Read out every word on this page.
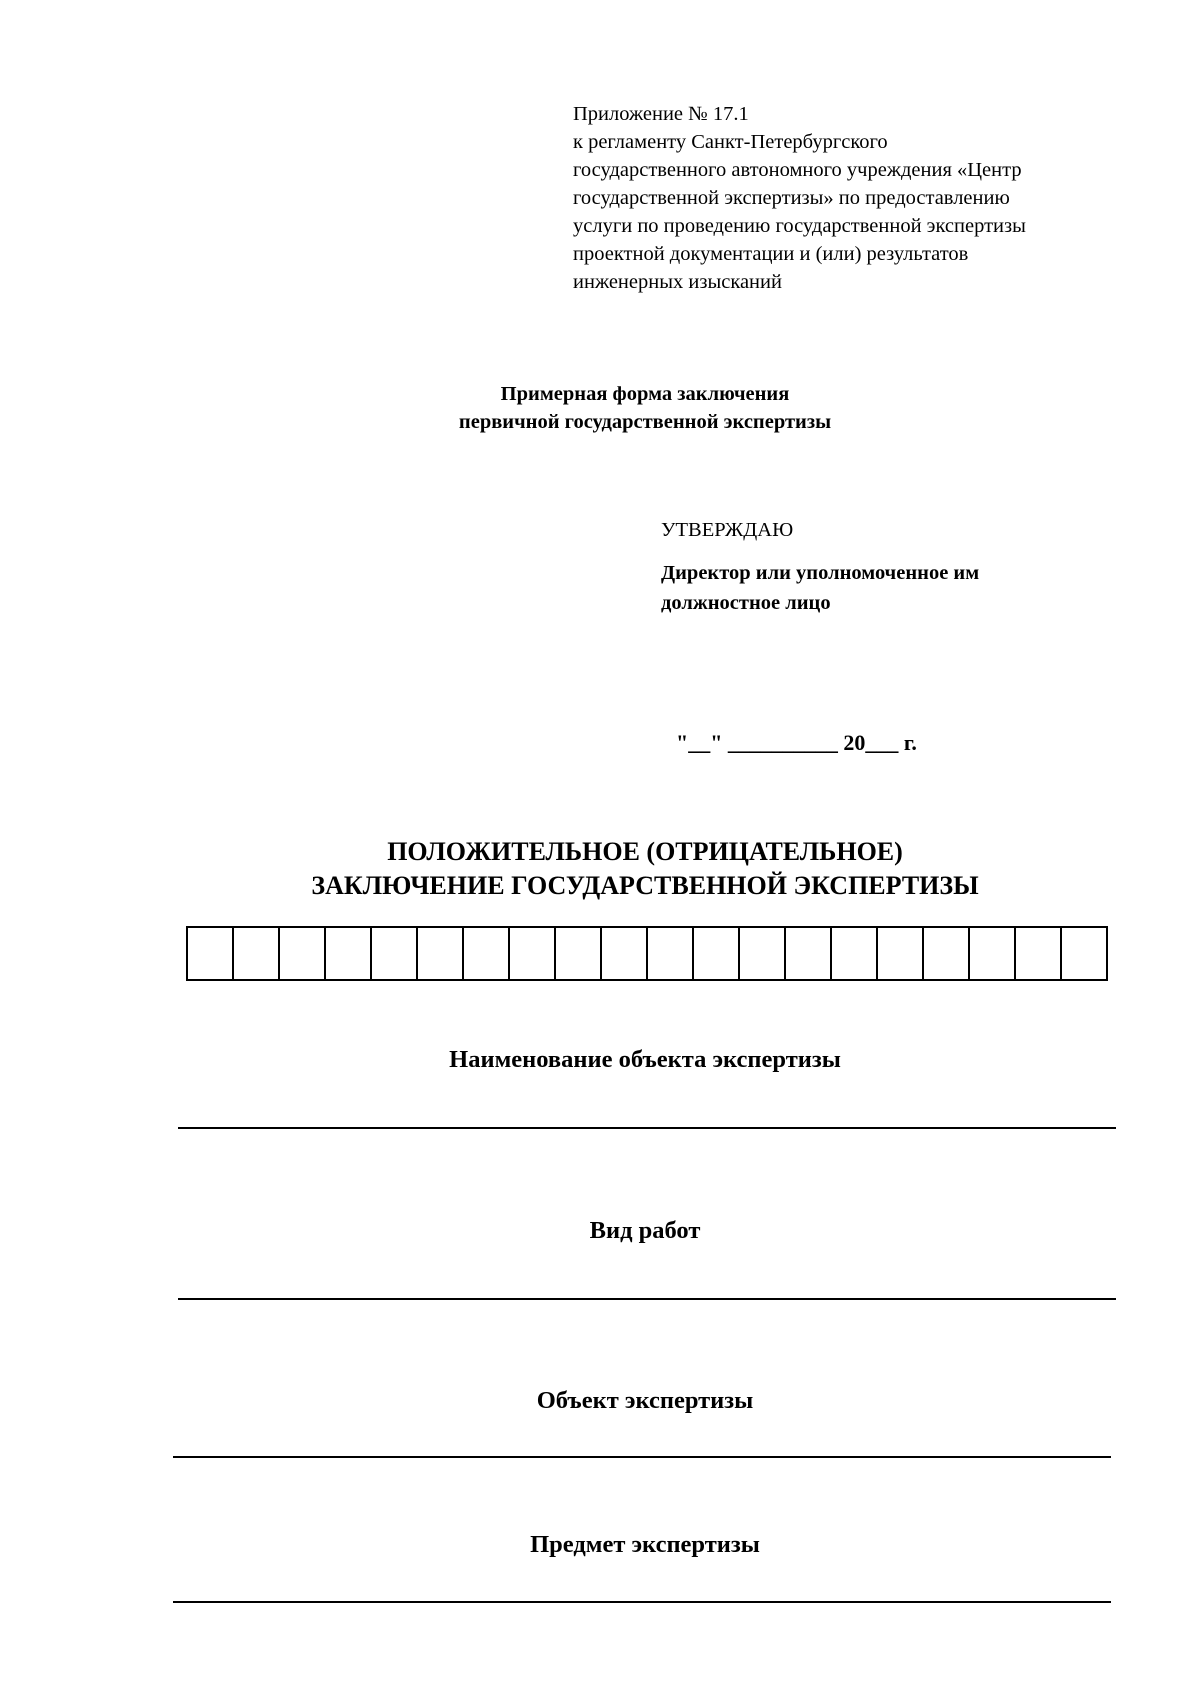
Приложение № 17.1
к регламенту Санкт-Петербургского
государственного автономного учреждения «Центр
государственной экспертизы» по предоставлению
услуги по проведению государственной экспертизы
проектной документации и (или) результатов
инженерных изысканий
Примерная форма заключения
первичной государственной экспертизы
УТВЕРЖДАЮ
Директор или уполномоченное им
должностное лицо
"__" __________ 20___ г.
ПОЛОЖИТЕЛЬНОЕ (ОТРИЦАТЕЛЬНОЕ)
ЗАКЛЮЧЕНИЕ ГОСУДАРСТВЕННОЙ ЭКСПЕРТИЗЫ
Наименование объекта экспертизы
Вид работ
Объект экспертизы
Предмет экспертизы
